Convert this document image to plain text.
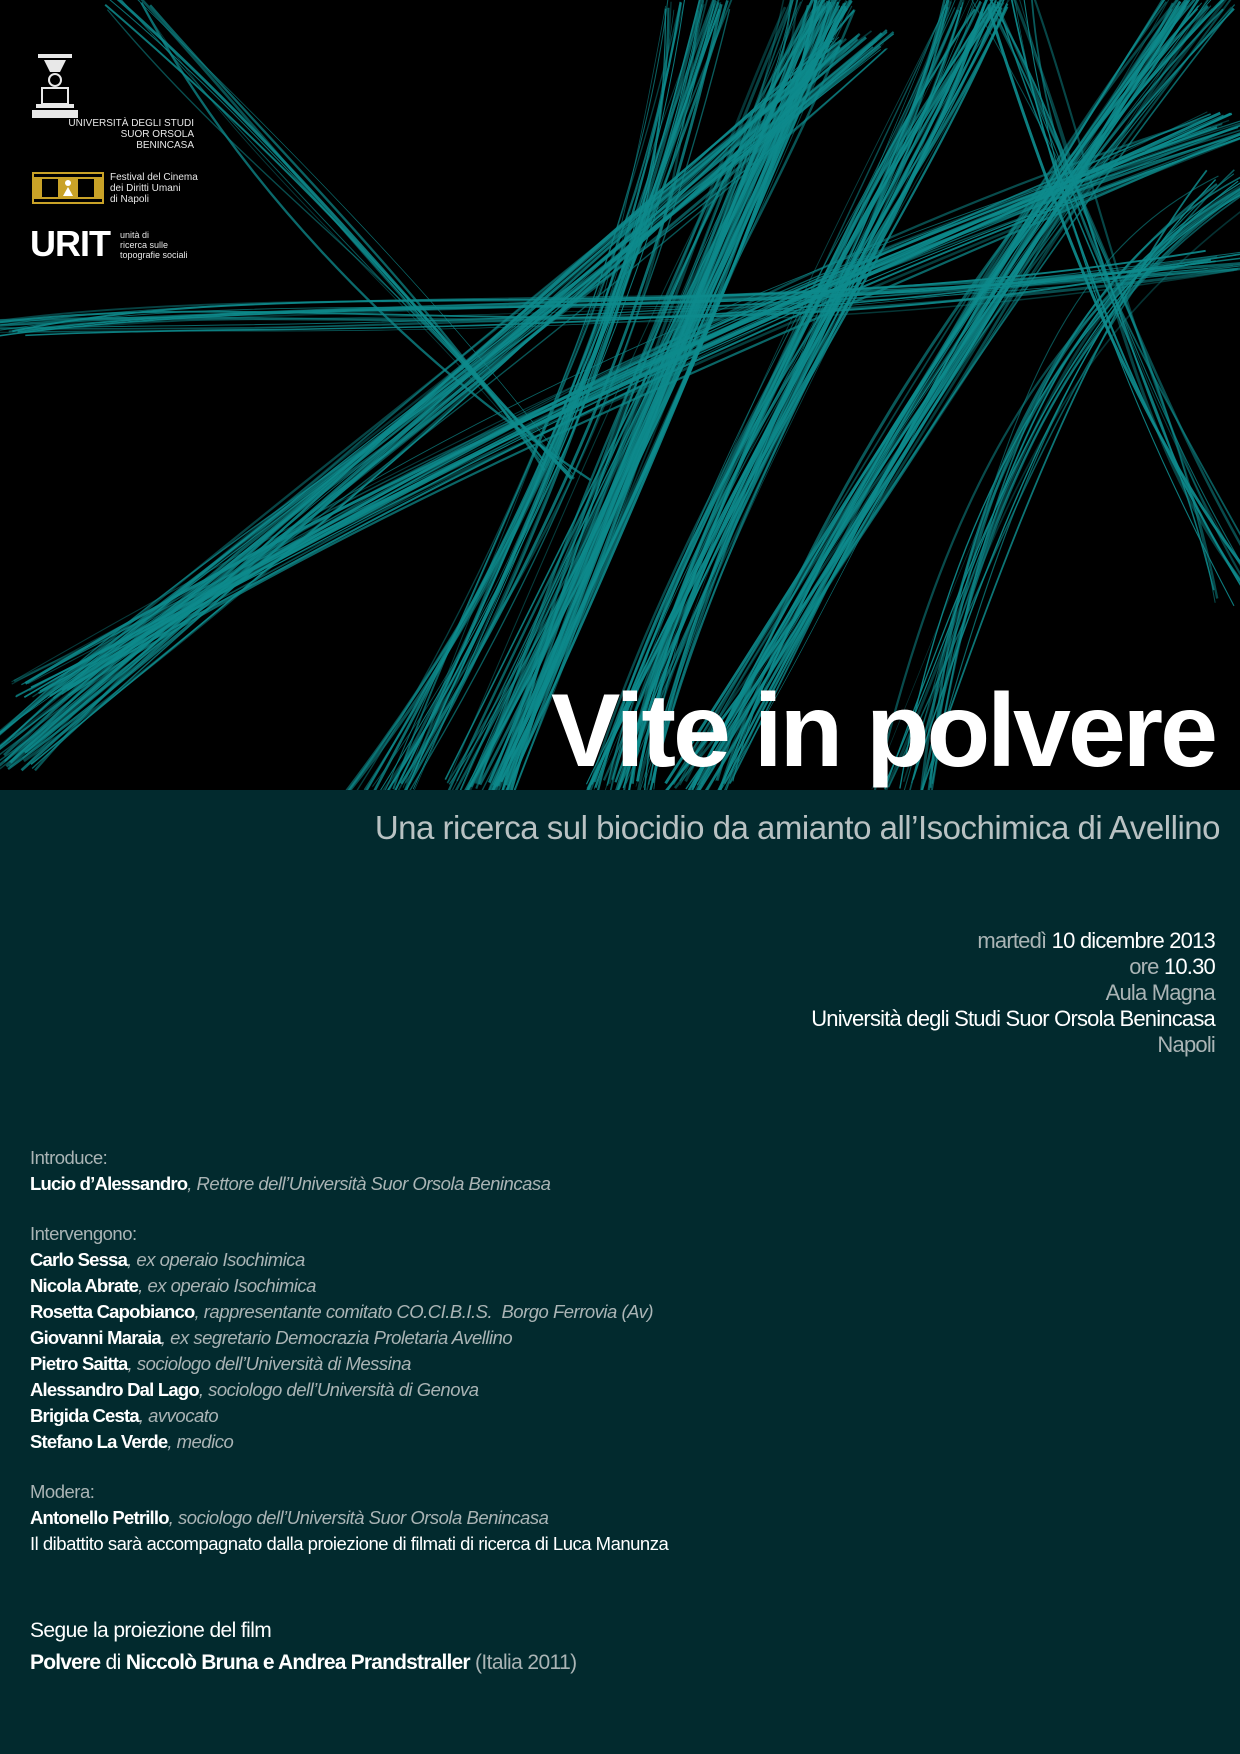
UNIVERSITÀ DEGLI STUDI
SUOR ORSOLA
BENINCASA
Festival del Cinema
dei Diritti Umani
di Napoli
URIT unità di
ricerca sulle
topografie sociali
Vite in polvere

Una ricerca sul biocidio da amianto all’Isochimica di Avellino

martedì 10 dicembre 2013
ore 10.30
Aula Magna
Università degli Studi Suor Orsola Benincasa
Napoli
Introduce:
Lucio d’Alessandro, Rettore dell’Università Suor Orsola Benincasa
Intervengono:
Carlo Sessa, ex operaio Isochimica
Nicola Abrate, ex operaio Isochimica
Rosetta Capobianco, rappresentante comitato CO.CI.B.I.S.  Borgo Ferrovia (Av)
Giovanni Maraia, ex segretario Democrazia Proletaria Avellino
Pietro Saitta, sociologo dell’Università di Messina
Alessandro Dal Lago, sociologo dell’Università di Genova
Brigida Cesta, avvocato
Stefano La Verde, medico
Modera:
Antonello Petrillo, sociologo dell’Università Suor Orsola Benincasa
Il dibattito sarà accompagnato dalla proiezione di filmati di ricerca di Luca Manunza
Segue la proiezione del film
Polvere di Niccolò Bruna e Andrea Prandstraller (Italia 2011)
